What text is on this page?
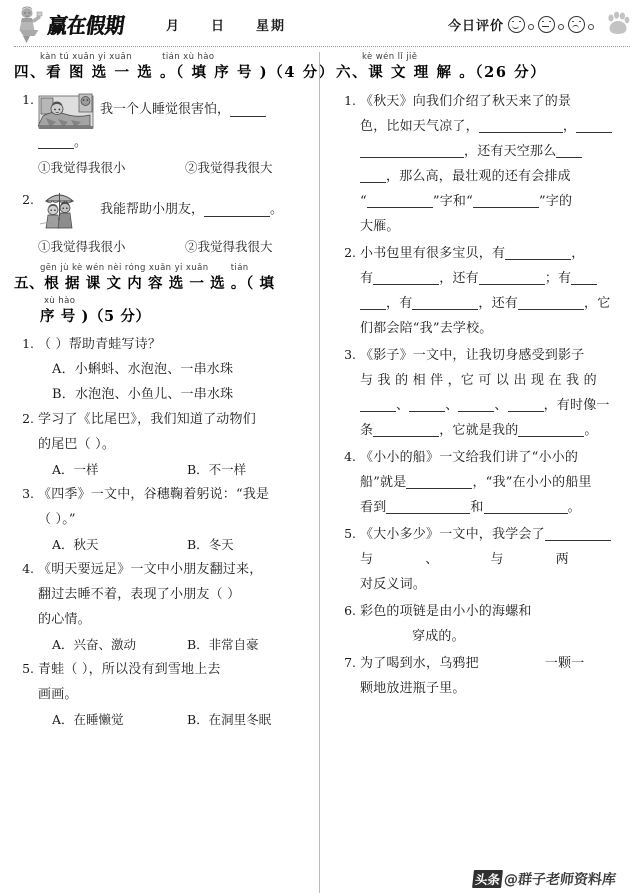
赢在假期	月 日 星期	今日评价
kàn tú xuǎn yi xuǎn	tián xù hào
四、看 图 选 一 选 。（ 填 序 号 )（4 分）
1.
我一个人睡觉很害怕，
。
①我觉得我很小	②我觉得我很大
2.
我能帮助小朋友，	。
①我觉得我很小	②我觉得我很大
gēn jù kè wén nèi róng xuǎn yi xuǎn	tián
五、根 据 课 文 内 容 选 一 选 。（ 填
xù hào
序 号 )（5 分）
1. （ ）帮助青蛙写诗？
A．小蝌蚪、水泡泡、一串水珠
B．水泡泡、小鱼儿、一串水珠
2. 学习了《比尾巴》，我们知道了动物们
的尾巴（ ）。
A．一样	B．不一样
3. 《四季》一文中，谷穗鞠着躬说：“我是
（ ）。”
A．秋天	B．冬天
4. 《明天要远足》一文中小朋友翻过来，
翻过去睡不着，表现了小朋友（ ）
的心情。
A．兴奋、激动	B．非常自豪
5. 青蛙（ ），所以没有到雪地上去
画画。
A．在睡懒觉	B．在洞里冬眠
kè wén lǐ jiě
六、课 文 理 解 。（26 分）
1. 《秋天》向我们介绍了秋天来了的景
色，比如天气凉了，	，
，还有天空那么
，那么高，最壮观的还有会排成
“	”字和“	”字的
大雁。
2. 小书包里有很多宝贝，有	，
有	，还有	；有
，有	，还有	，它
们都会陪“我”去学校。
3. 《影子》一文中，让我切身感受到影子
与 我 的 相 伴 ，它 可 以 出 现 在 我 的
、	、	、	，有时像一
条	，它就是我的	。
4. 《小小的船》一文给我们讲了“小小的
船”就是	，“我”在小小的船里
看到	和	。
5. 《大小多少》一文中，我学会了
与	、	与	两
对反义词。
6. 彩色的项链是由小小的海螺和
穿成的。
7. 为了喝到水，乌鸦把	一颗一
颗地放进瓶子里。
头条 @群子老师资料库
